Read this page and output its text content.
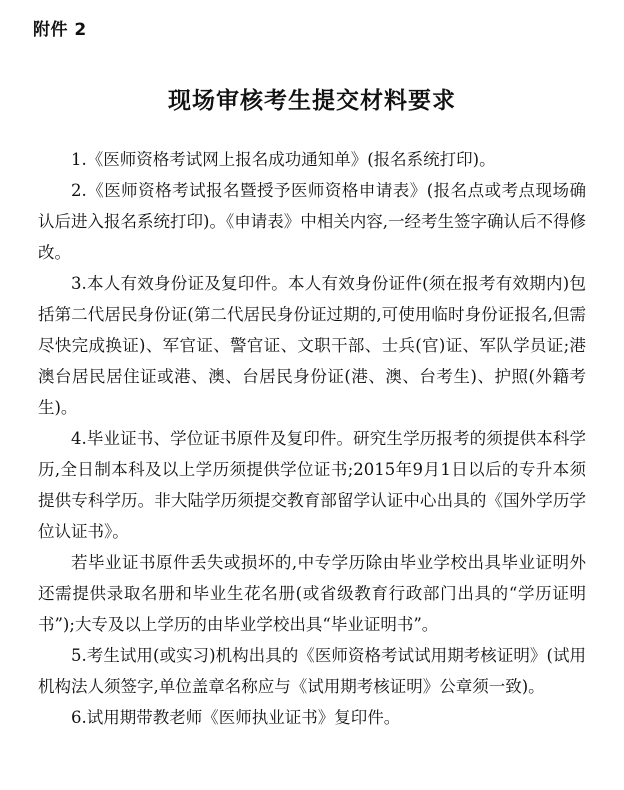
附件 2
现场审核考生提交材料要求

1.《医师资格考试网上报名成功通知单》(报名系统打印)。

2.《医师资格考试报名暨授予医师资格申请表》(报名点或考点现场确认后进入报名系统打印)。《申请表》中相关内容,一经考生签字确认后不得修改。

3.本人有效身份证及复印件。本人有效身份证件(须在报考有效期内)包括第二代居民身份证(第二代居民身份证过期的,可使用临时身份证报名,但需尽快完成换证)、军官证、警官证、文职干部、士兵(官)证、军队学员证;港澳台居民居住证或港、澳、台居民身份证(港、澳、台考生)、护照(外籍考生)。

4.毕业证书、学位证书原件及复印件。研究生学历报考的须提供本科学历,全日制本科及以上学历须提供学位证书;2015年9月1日以后的专升本须提供专科学历。非大陆学历须提交教育部留学认证中心出具的《国外学历学位认证书》。

若毕业证书原件丢失或损坏的,中专学历除由毕业学校出具毕业证明外还需提供录取名册和毕业生花名册(或省级教育行政部门出具的“学历证明书”);大专及以上学历的由毕业学校出具“毕业证明书”。

5.考生试用(或实习)机构出具的《医师资格考试试用期考核证明》(试用机构法人须签字,单位盖章名称应与《试用期考核证明》公章须一致)。

6.试用期带教老师《医师执业证书》复印件。
